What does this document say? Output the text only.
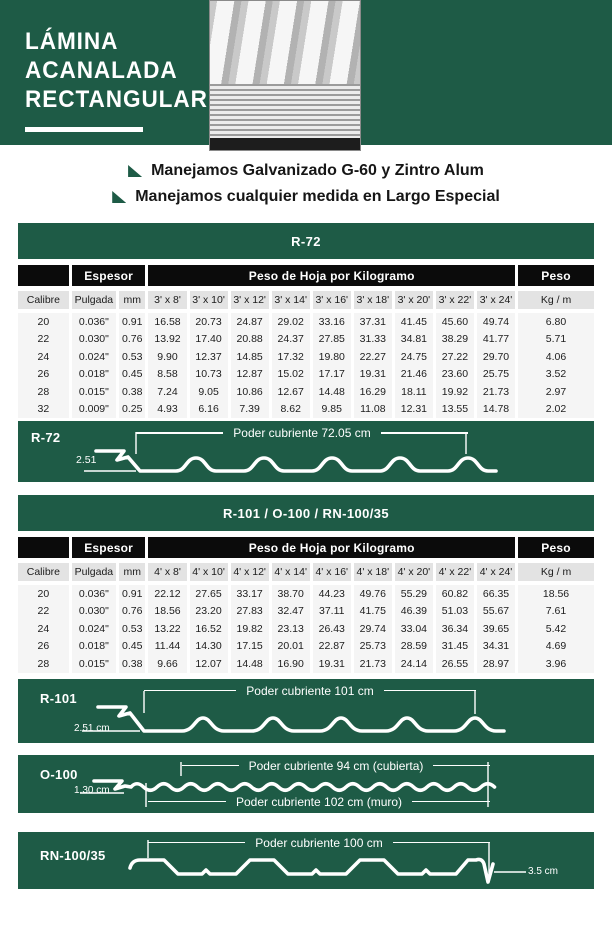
LÁMINA
ACANALADA
RECTANGULAR
Manejamos Galvanizado G-60 y Zintro Alum
Manejamos cualquier medida en Largo Especial
R-72
	Espesor		Peso de Hoja por Kilogramo									Peso
Calibre	Pulgada	mm	3' x 8'	3' x 10'	3' x 12'	3' x 14'	3' x 16'	3' x 18'	3' x 20'	3' x 22'	3' x 24'	Kg / m
20	0.036"	0.91	16.58	20.73	24.87	29.02	33.16	37.31	41.45	45.60	49.74	6.80
22	0.030"	0.76	13.92	17.40	20.88	24.37	27.85	31.33	34.81	38.29	41.77	5.71
24	0.024"	0.53	9.90	12.37	14.85	17.32	19.80	22.27	24.75	27.22	29.70	4.06
26	0.018"	0.45	8.58	10.73	12.87	15.02	17.17	19.31	21.46	23.60	25.75	3.52
28	0.015"	0.38	7.24	9.05	10.86	12.67	14.48	16.29	18.11	19.92	21.73	2.97
32	0.009"	0.25	4.93	6.16	7.39	8.62	9.85	11.08	12.31	13.55	14.78	2.02
R-72	Poder cubriente 72.05 cm
2.51
R-101 / O-100 / RN-100/35
	Espesor		Peso de Hoja por Kilogramo									Peso
Calibre	Pulgada	mm	4' x 8'	4' x 10'	4' x 12'	4' x 14'	4' x 16'	4' x 18'	4' x 20'	4' x 22'	4' x 24'	Kg / m
20	0.036"	0.91	22.12	27.65	33.17	38.70	44.23	49.76	55.29	60.82	66.35	18.56
22	0.030"	0.76	18.56	23.20	27.83	32.47	37.11	41.75	46.39	51.03	55.67	7.61
24	0.024"	0.53	13.22	16.52	19.82	23.13	26.43	29.74	33.04	36.34	39.65	5.42
26	0.018"	0.45	11.44	14.30	17.15	20.01	22.87	25.73	28.59	31.45	34.31	4.69
28	0.015"	0.38	9.66	12.07	14.48	16.90	19.31	21.73	24.14	26.55	28.97	3.96
R-101	Poder cubriente 101 cm
2.51 cm
O-100
Poder cubriente 94 cm (cubierta)
Poder cubriente 102 cm (muro)
1.30 cm
RN-100/35
Poder cubriente 100 cm
3.5 cm
